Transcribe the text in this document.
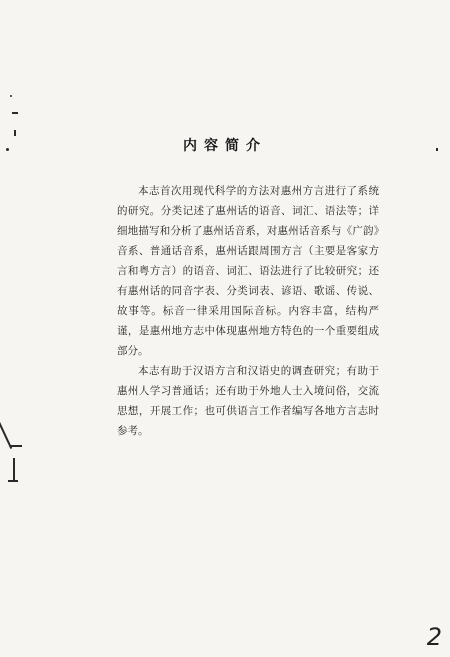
内容简介

本志首次用现代科学的方法对惠州方言进行了系统的研究。分类记述了惠州话的语音、词汇、语法等；详细地描写和分析了惠州话音系，对惠州话音系与《广韵》音系、普通话音系，惠州话跟周围方言（主要是客家方言和粤方言）的语音、词汇、语法进行了比较研究；还有惠州话的同音字表、分类词表、谚语、歌谣、传说、故事等。标音一律采用国际音标。内容丰富，结构严谨，是惠州地方志中体现惠州地方特色的一个重要组成部分。

本志有助于汉语方言和汉语史的调查研究；有助于惠州人学习普通话；还有助于外地人士入境问俗，交流思想，开展工作；也可供语言工作者编写各地方言志时参考。

2
